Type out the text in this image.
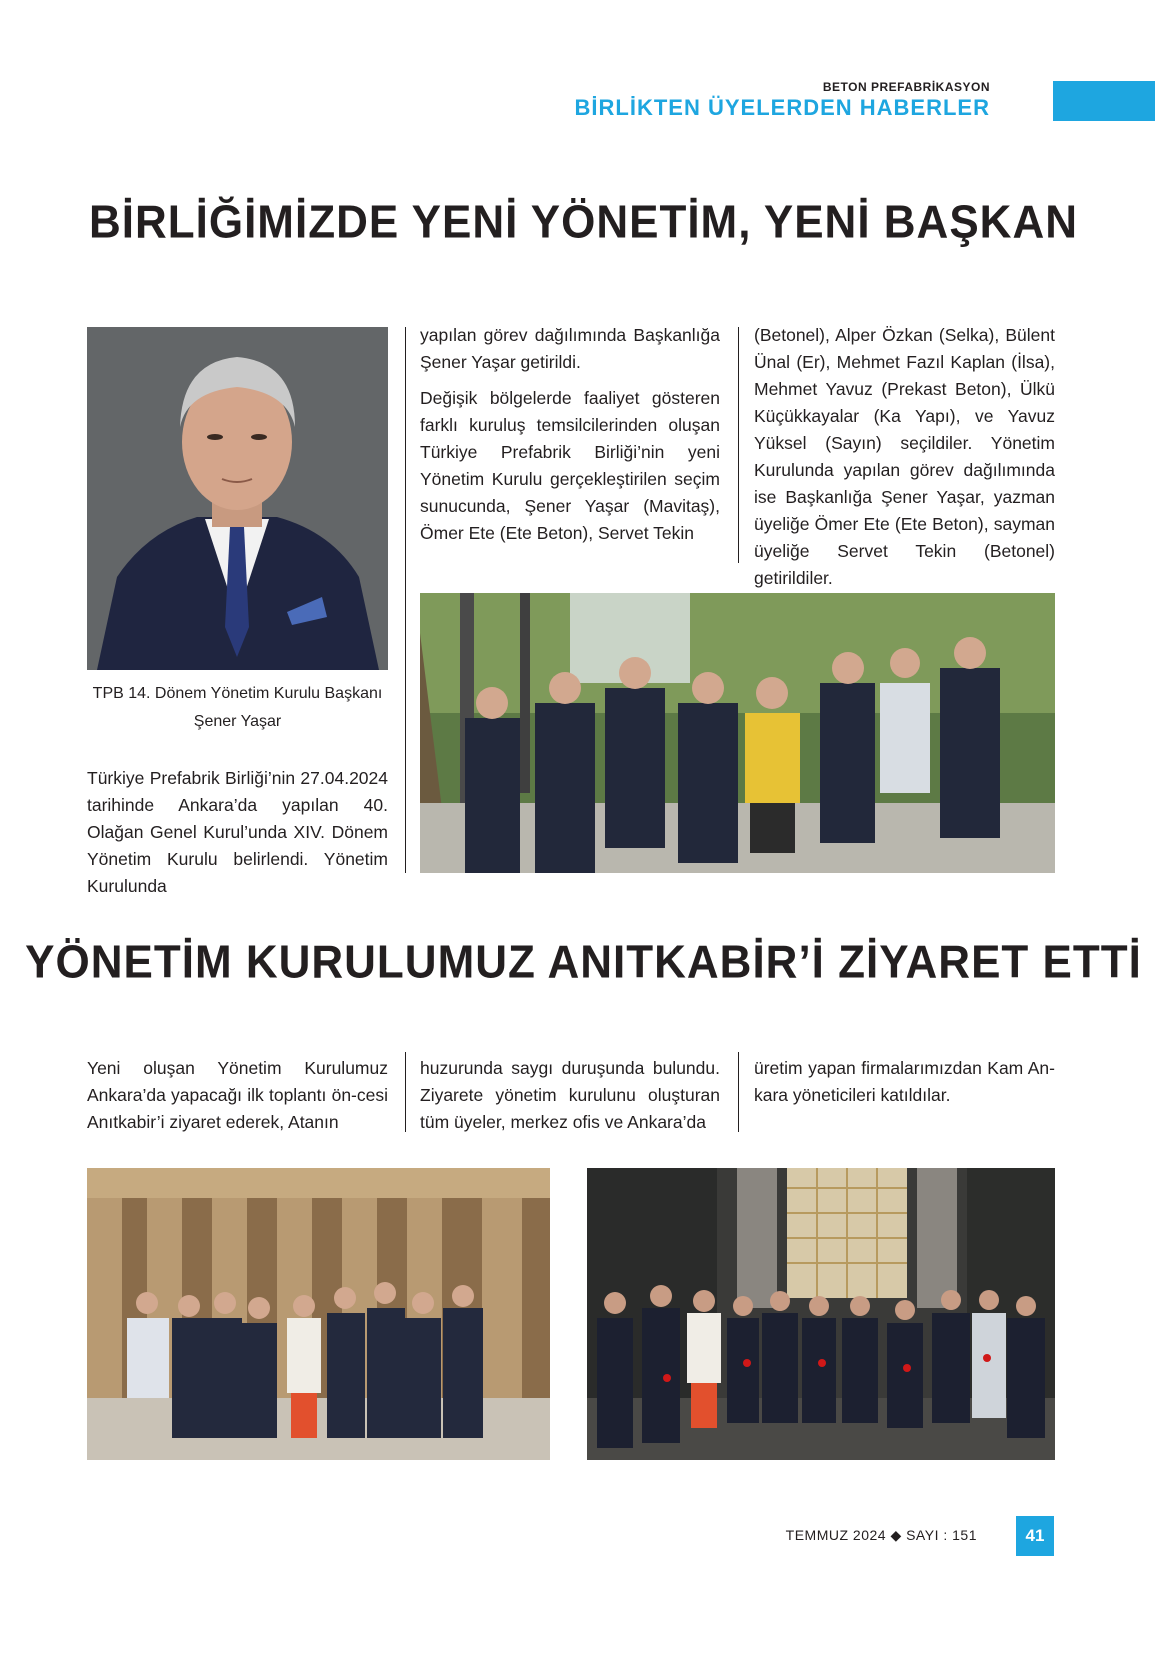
BETON PREFABRİKASYON
BİRLİKTEN ÜYELERDEN HABERLER
BİRLİĞİMİZDE YENİ YÖNETİM, YENİ BAŞKAN
TPB 14. Dönem Yönetim Kurulu Başkanı
Şener Yaşar

Türkiye Prefabrik Birliği’nin 27.04.2024 tarihinde Ankara’da yapılan 40. Olağan Genel Kurul’unda XIV. Dönem Yönetim Kurulu belirlendi. Yönetim Kurulunda

yapılan görev dağılımında Başkanlığa Şener Yaşar getirildi.

Değişik bölgelerde faaliyet gösteren farklı kuruluş temsilcilerinden oluşan Türkiye Prefabrik Birliği’nin yeni Yönetim Kurulu gerçekleştirilen seçim sunucunda, Şener Yaşar (Mavitaş), Ömer Ete (Ete Beton), Servet Tekin

(Betonel), Alper Özkan (Selka), Bülent Ünal (Er), Mehmet Fazıl Kaplan (İlsa), Mehmet Yavuz (Prekast Beton), Ülkü Küçükkayalar (Ka Yapı), ve Yavuz Yüksel (Sayın) seçildiler. Yönetim Kurulunda yapılan görev dağılımında ise Başkanlığa Şener Yaşar, yazman üyeliğe Ömer Ete (Ete Beton), sayman üyeliğe Servet Tekin (Betonel) getirildiler.

YÖNETİM KURULUMUZ ANITKABİR’İ ZİYARET ETTİ

Yeni oluşan Yönetim Kurulumuz Ankara’da yapacağı ilk toplantı ön-cesi Anıtkabir’i ziyaret ederek, Atanın

huzurunda saygı duruşunda bulundu. Ziyarete yönetim kurulunu oluşturan tüm üyeler, merkez ofis ve Ankara’da

üretim yapan firmalarımızdan Kam An-kara yöneticileri katıldılar.

TEMMUZ 2024 ◆ SAYI : 151	41
